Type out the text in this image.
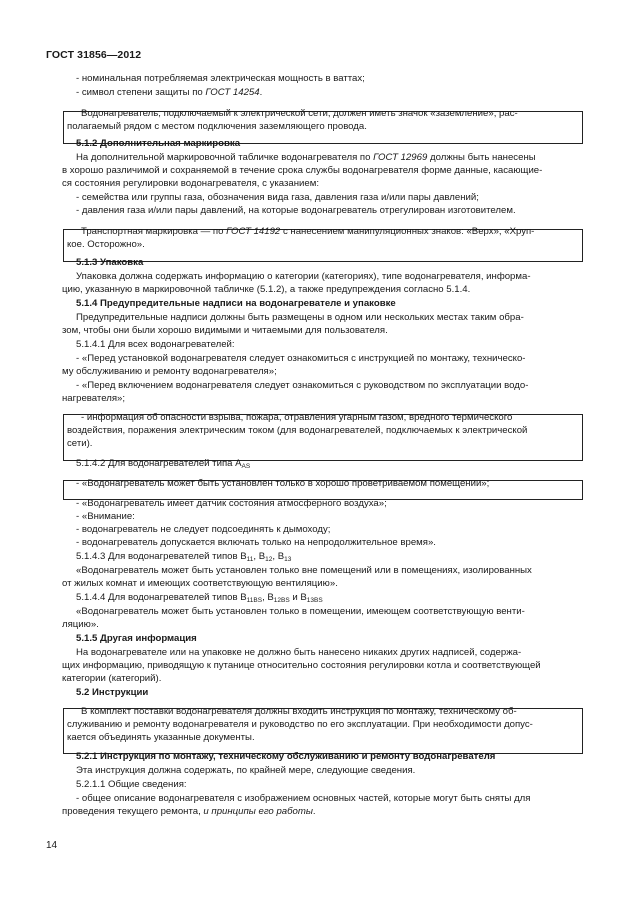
ГОСТ 31856—2012
- номинальная потребляемая электрическая мощность в ваттах;
- символ степени защиты по ГОСТ 14254.
Водонагреватель, подключаемый к электрической сети, должен иметь значок «заземление», рас-
полагаемый рядом с местом подключения заземляющего провода.
5.1.2 Дополнительная маркировка
На дополнительной маркировочной табличке водонагревателя по ГОСТ 12969 должны быть нанесены
в хорошо различимой и сохраняемой в течение срока службы водонагревателя форме данные, касающие-
ся состояния регулировки водонагревателя, с указанием:
- семейства или группы газа, обозначения вида газа, давления газа и/или пары давлений;
- давления газа и/или пары давлений, на которые водонагреватель отрегулирован изготовителем.
Транспортная маркировка — по ГОСТ 14192 с нанесением манипуляционных знаков: «Верх», «Хруп-
кое. Осторожно».
5.1.3 Упаковка
Упаковка должна содержать информацию о категории (категориях), типе водонагревателя, информа-
цию, указанную в маркировочной табличке (5.1.2), а также предупреждения согласно 5.1.4.
5.1.4 Предупредительные надписи на водонагревателе и упаковке
Предупредительные надписи должны быть размещены в одном или нескольких местах таким обра-
зом, чтобы они были хорошо видимыми и читаемыми для пользователя.
5.1.4.1 Для всех водонагревателей:
- «Перед установкой водонагревателя следует ознакомиться с инструкцией по монтажу, техническо-
му обслуживанию и ремонту водонагревателя»;
- «Перед включением водонагревателя следует ознакомиться с руководством по эксплуатации водо-
нагревателя»;
- информация об опасности взрыва, пожара, отравления угарным газом, вредного термического
воздействия, поражения электрическим током (для водонагревателей, подключаемых к электрической
сети).
5.1.4.2 Для водонагревателей типа $A_{AS}$
- «Водонагреватель может быть установлен только в хорошо проветриваемом помещении»;
- «Водонагреватель имеет датчик состояния атмосферного воздуха»;
- «Внимание:
- водонагреватель не следует подсоединять к дымоходу;
- водонагреватель допускается включать только на непродолжительное время».
5.1.4.3 Для водонагревателей типов $B_{11}$, $B_{12}$, $B_{13}$
«Водонагреватель может быть установлен только вне помещений или в помещениях, изолированных
от жилых комнат и имеющих соответствующую вентиляцию».
5.1.4.4 Для водонагревателей типов $B_{11BS}$, $B_{12BS}$ и $B_{13BS}$
«Водонагреватель может быть установлен только в помещении, имеющем соответствующую венти-
ляцию».
5.1.5 Другая информация
На водонагревателе или на упаковке не должно быть нанесено никаких других надписей, содержа-
щих информацию, приводящую к путанице относительно состояния регулировки котла и соответствующей
категории (категорий).
5.2 Инструкции
В комплект поставки водонагревателя должны входить инструкция по монтажу, техническому об-
служиванию и ремонту водонагревателя и руководство по его эксплуатации. При необходимости допус-
кается объединять указанные документы.
5.2.1 Инструкция по монтажу, техническому обслуживанию и ремонту водонагревателя
Эта инструкция должна содержать, по крайней мере, следующие сведения.
5.2.1.1 Общие сведения:
- общее описание водонагревателя с изображением основных частей, которые могут быть сняты для
проведения текущего ремонта, и принципы его работы.
14
